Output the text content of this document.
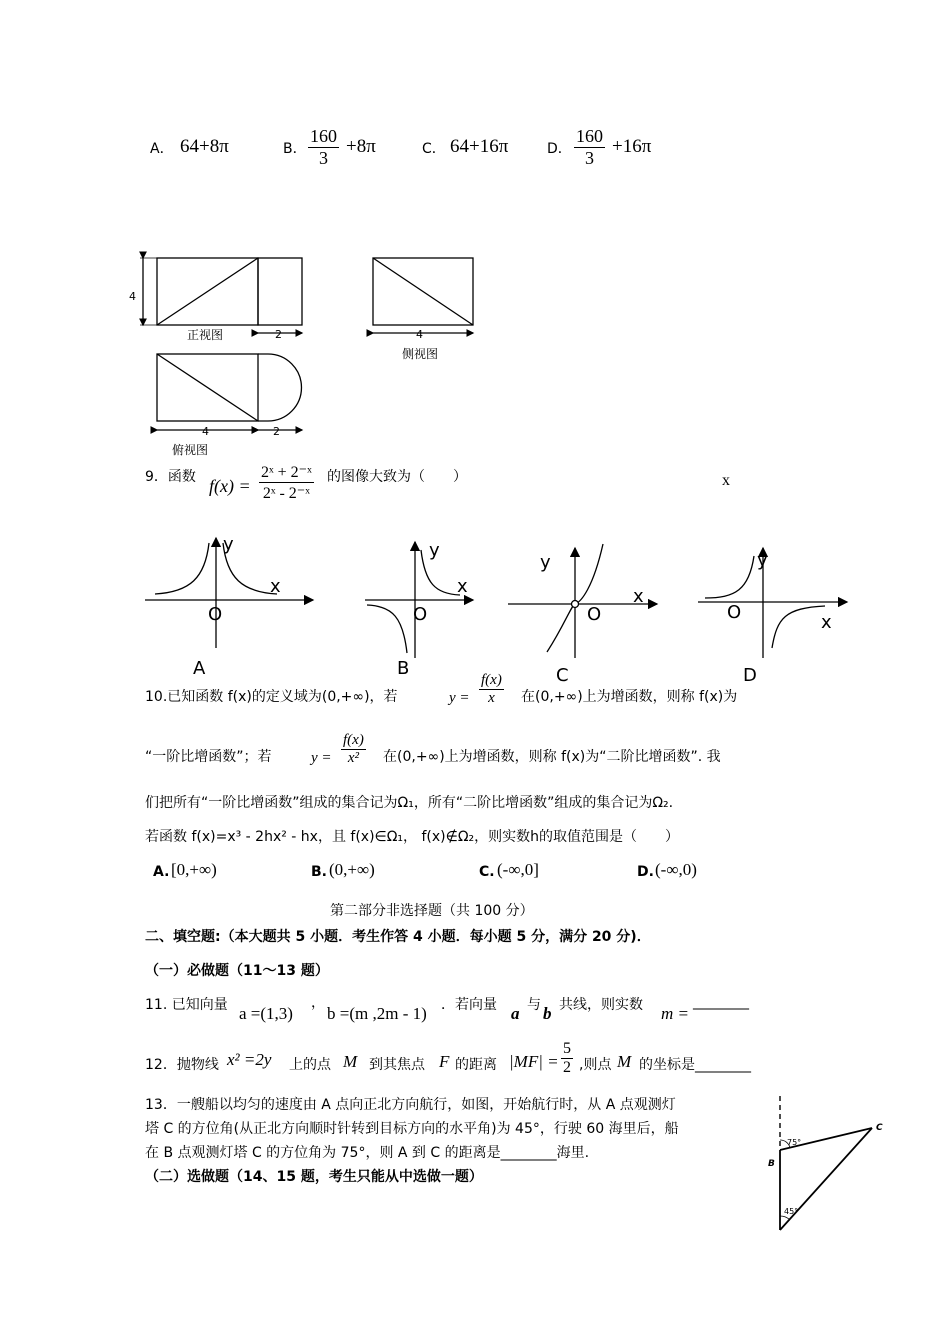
A． 64+8π	B． $\frac{160}{3} +8\pi$	C． 64+16π	D． $\frac{160}{3} +16\pi$
4
2
正视图	4
侧视图
4	2
俯视图
9．函数 $f(x) = \frac{\text{2ˣ + 2⁻ˣ}}{\text{2ˣ - 2⁻ˣ}}$ 的图像大致为（　　）	x
y
x
O
A
y
x
O
B
y
x
O
C
y
x
O
D
10.已知函数 f(x)的定义域为(0,+∞)，若	$y = \frac{f(x)}{x}$ 在(0,+∞)上为增函数，则称 f(x)为
“一阶比增函数”；若	$y = \frac{f(x)}{\text{x²}}$ 在(0,+∞)上为增函数，则称 f(x)为“二阶比增函数”. 我
们把所有“一阶比增函数”组成的集合记为Ω₁，所有“二阶比增函数”组成的集合记为Ω₂.
若函数 f(x)=x³ - 2hx² - hx，且 f(x)∈Ω₁， f(x)∉Ω₂，则实数h的取值范围是（　　）
A. [0,+∞)	B. (0,+∞)	C. (-∞,0]	D. (-∞,0)
第二部分非选择题（共 100 分）
二、填空题:（本大题共 5 小题．考生作答 4 小题．每小题 5 分，满分 20 分)．
（一）必做题（11～13 题）
11. 已知向量 a =(1,3)
，
b =(m ,2m - 1) ．若向量 a 与 b 共线，则实数 m =
________
12．抛物线 x² =2y 上的点 M 到其焦点 F 的距离 $|MF| = \frac{5}{2}$ ,则点 M 的坐标是________
13．一艘船以均匀的速度由 A 点向正北方向航行，如图，开始航行时，从 A 点观测灯
塔 C 的方位角(从正北方向顺时针转到目标方向的水平角)为 45°，行驶 60 海里后，船
在 B 点观测灯塔 C 的方位角为 75°，则 A 到 C 的距离是________海里.
（二）选做题（14、15 题，考生只能从中选做一题）
C
B
75°
45°
